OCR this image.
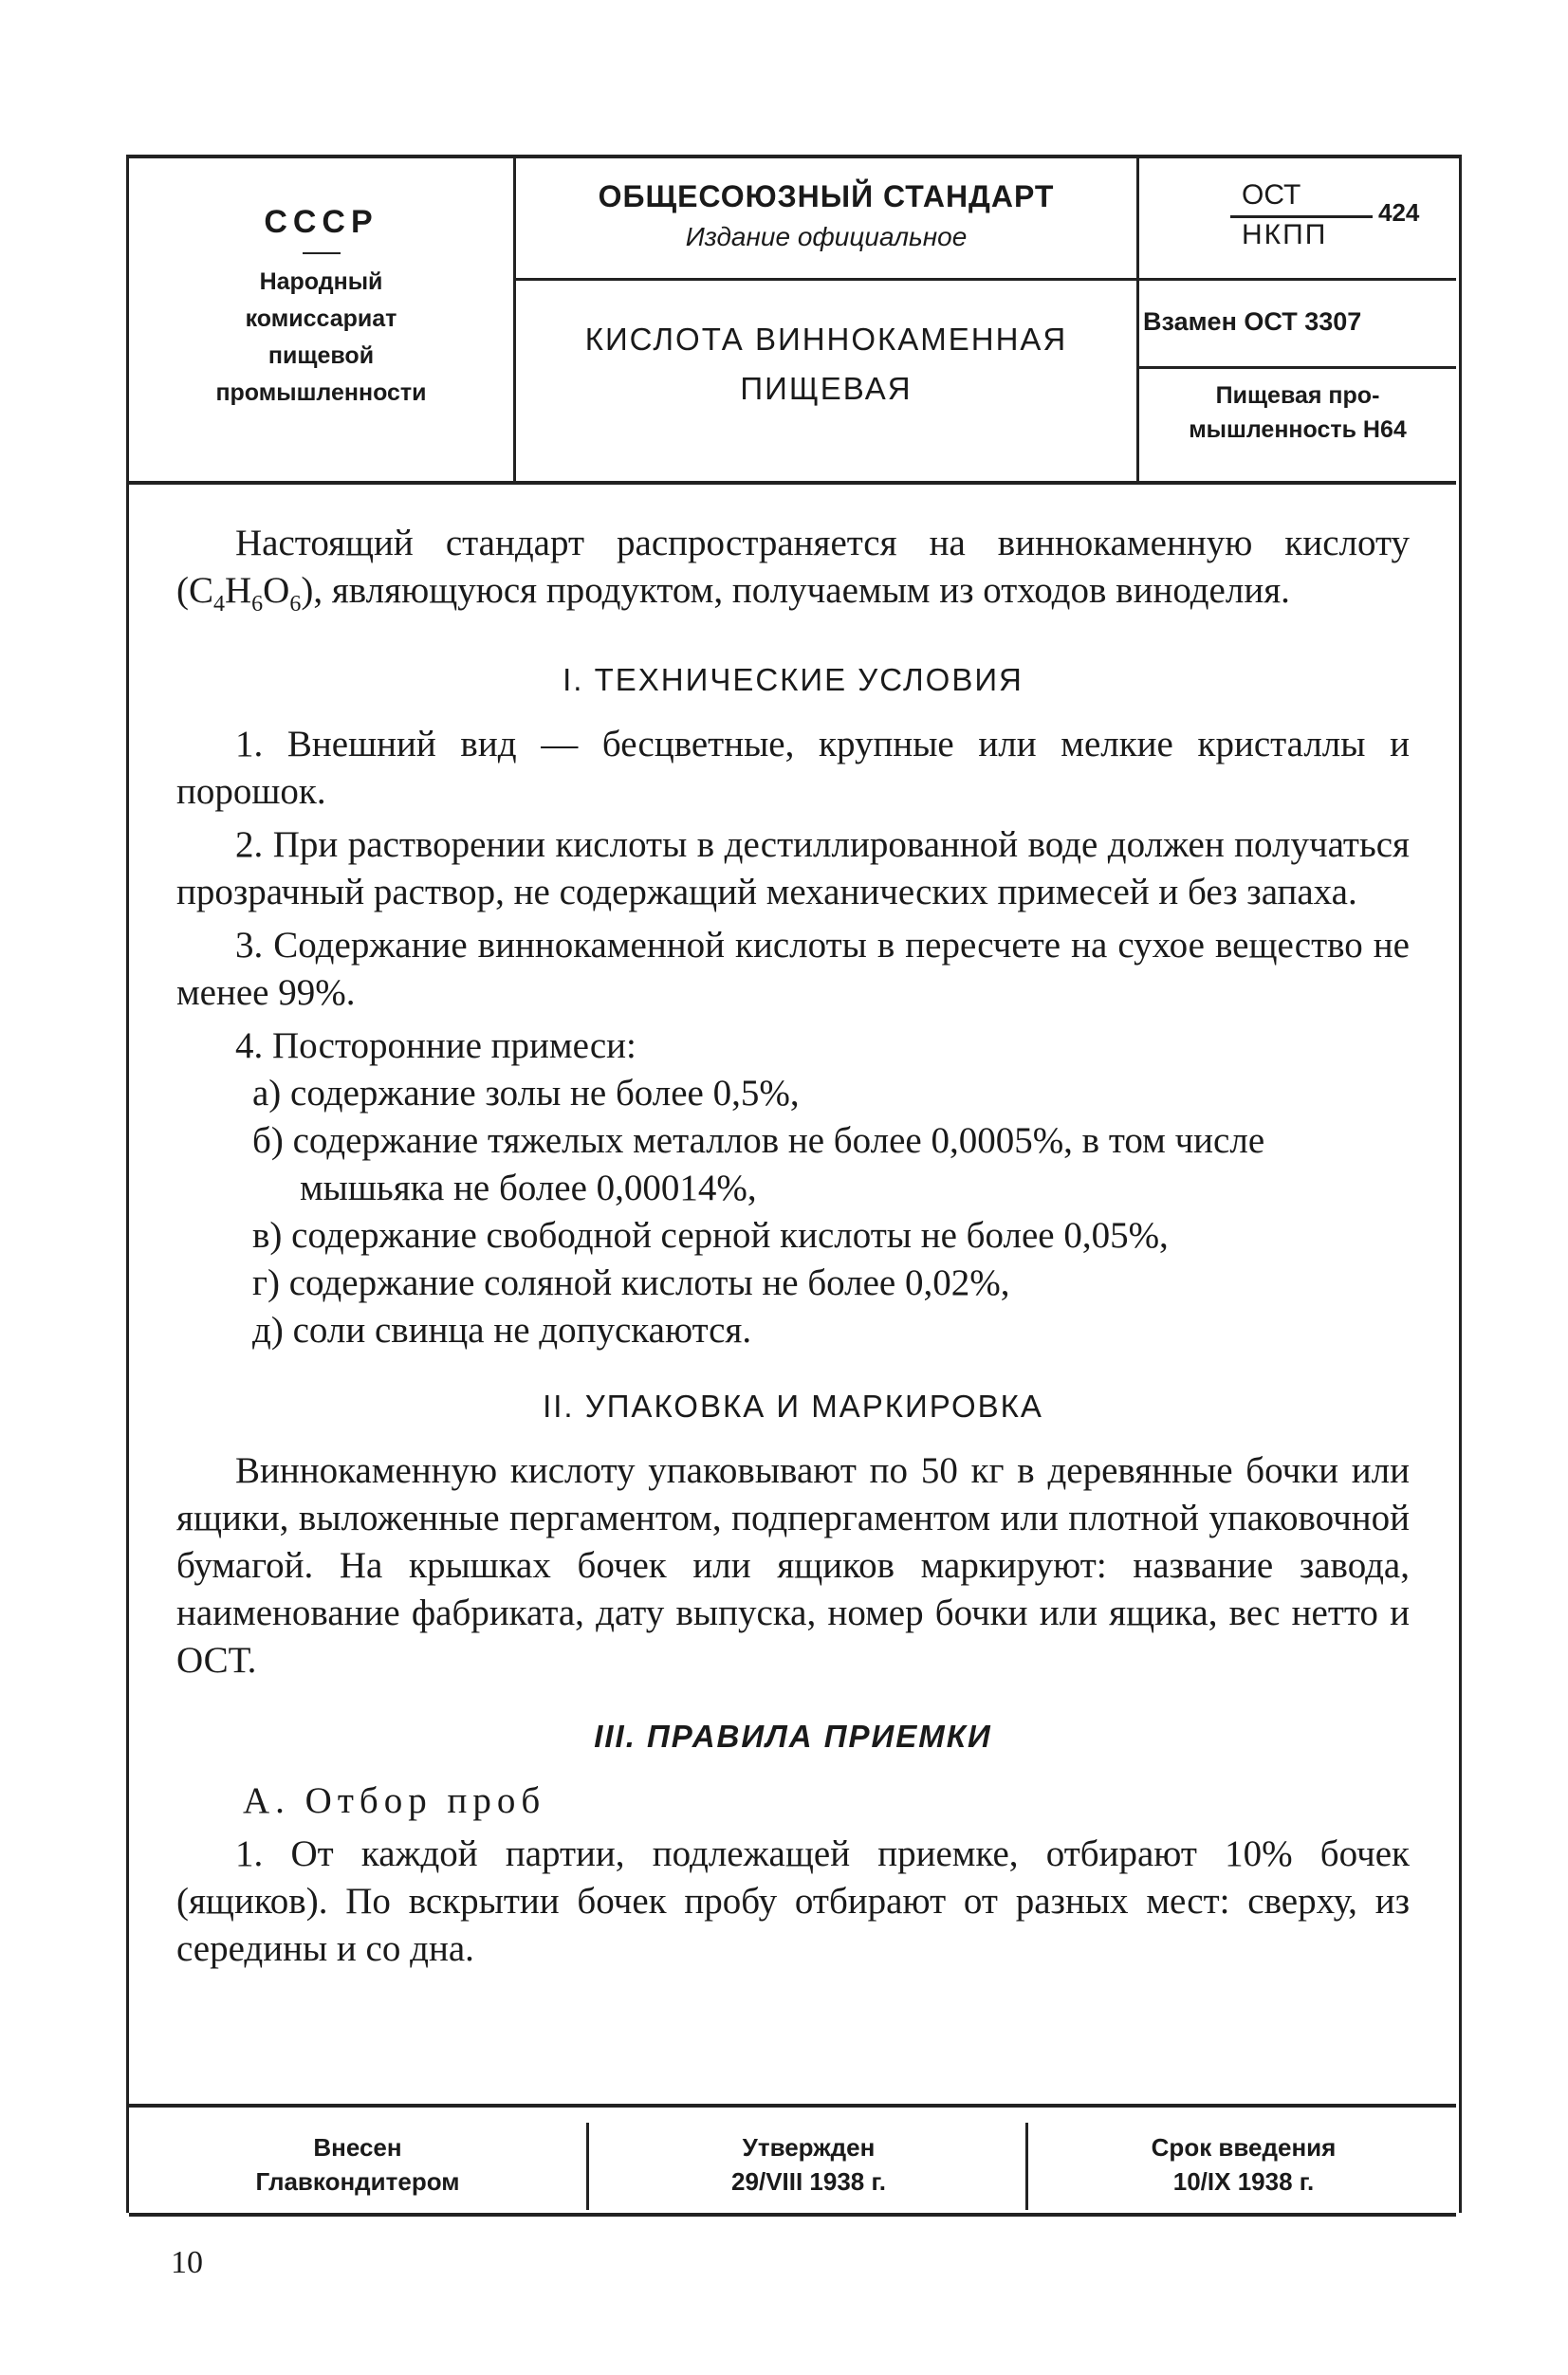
СССР
Народный
комиссариат
пищевой
промышленности
ОБЩЕСОЮЗНЫЙ СТАНДАРТ
Издание официальное
КИСЛОТА ВИННОКАМЕННАЯ
ПИЩЕВАЯ
ОСТ
НКПП
424
Взамен ОСТ 3307
Пищевая про-
мышленность Н64

Настоящий стандарт распространяется на виннокаменную кислоту $(C_4H_6O_6)$, являющуюся продуктом, получаемым из отходов виноделия.

I. ТЕХНИЧЕСКИЕ УСЛОВИЯ

1. Внешний вид — бесцветные, крупные или мелкие кристаллы и порошок.

2. При растворении кислоты в дестиллированной воде должен получаться прозрачный раствор, не содержащий механических примесей и без запаха.

3. Содержание виннокаменной кислоты в пересчете на сухое вещество не менее 99%.

4. Посторонние примеси:

а) содержание золы не более 0,5%,

б) содержание тяжелых металлов не более 0,0005%, в том числе мышьяка не более 0,00014%,

в) содержание свободной серной кислоты не более 0,05%,

г) содержание соляной кислоты не более 0,02%,

д) соли свинца не допускаются.

II. УПАКОВКА И МАРКИРОВКА

Виннокаменную кислоту упаковывают по 50 кг в деревянные бочки или ящики, выложенные пергаментом, подпергаментом или плотной упаковочной бумагой. На крышках бочек или ящиков маркируют: название завода, наименование фабриката, дату выпуска, номер бочки или ящика, вес нетто и ОСТ.

III. ПРАВИЛА ПРИЕМКИ

А. Отбор проб

1. От каждой партии, подлежащей приемке, отбирают 10% бочек (ящиков). По вскрытии бочек пробу отбирают от разных мест: сверху, из середины и со дна.

Внесен
Главкондитером
Утвержден
29/VIII 1938 г.
Срок введения
10/IX 1938 г.
10
